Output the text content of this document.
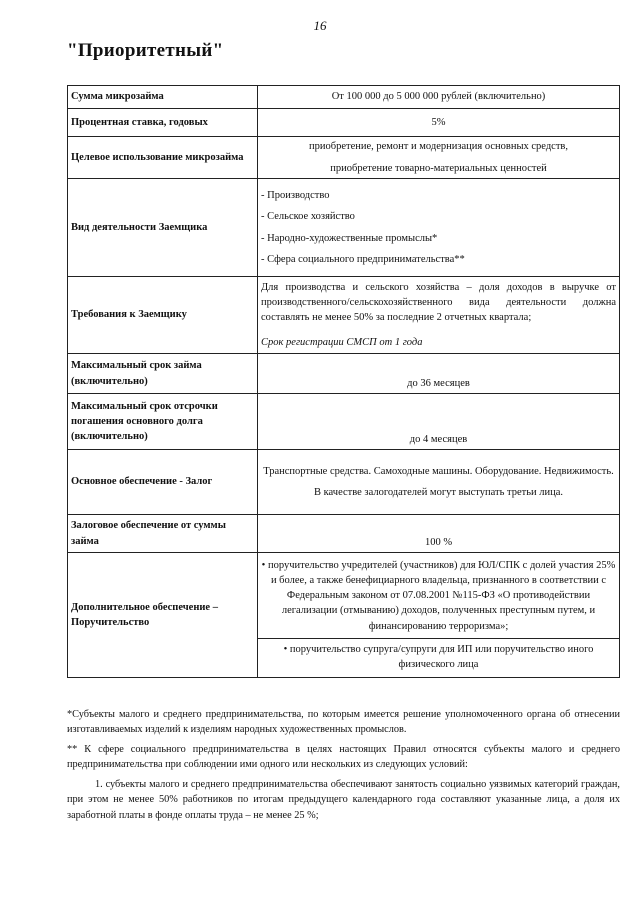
16
"Приоритетный"
Сумма микрозайма	От 100 000 до 5 000 000 рублей (включительно)
Процентная ставка, годовых	5%
Целевое использование микрозайма	приобретение, ремонт и модернизация основных средств,
приобретение товарно-материальных ценностей

Вид деятельности Заемщика	- Производство
- Сельское хозяйство
- Народно-художественные промыслы*
- Сфера социального предпринимательства**

Требования к Заемщику	Для производства и сельского хозяйства – доля доходов в выручке от производственного/сельскохозяйственного вида деятельности должна составлять не менее 50% за последние 2 отчетных квартала;
Срок регистрации СМСП от 1 года

Максимальный срок займа (включительно)	до 36 месяцев
Максимальный срок отсрочки погашения основного долга (включительно)	до 4 месяцев
Основное обеспечение - Залог	Транспортные средства. Самоходные машины. Оборудование. Недвижимость.
В качестве залогодателей могут выступать третьи лица.

Залоговое обеспечение от суммы займа	100 %
Дополнительное обеспечение – Поручительство	• поручительство учредителей (участников) для ЮЛ/СПК с долей участия 25% и более, а также бенефициарного владельца, признанного в соответствии с Федеральным законом от 07.08.2001 №115-ФЗ «О противодействии легализации (отмыванию) доходов, полученных преступным путем, и финансированию терроризма»;
• поручительство супруга/супруги для ИП или поручительство иного физического лица
*Субъекты малого и среднего предпринимательства, по которым имеется решение уполномоченного органа об отнесении изготавливаемых изделий к изделиям народных художественных промыслов.
** К сфере социального предпринимательства в целях настоящих Правил относятся субъекты малого и среднего предпринимательства при соблюдении ими одного или нескольких из следующих условий:
1. субъекты малого и среднего предпринимательства обеспечивают занятость социально уязвимых категорий граждан, при этом не менее 50% работников по итогам предыдущего календарного года составляют указанные лица, а доля их заработной платы в фонде оплаты труда – не менее 25 %;
